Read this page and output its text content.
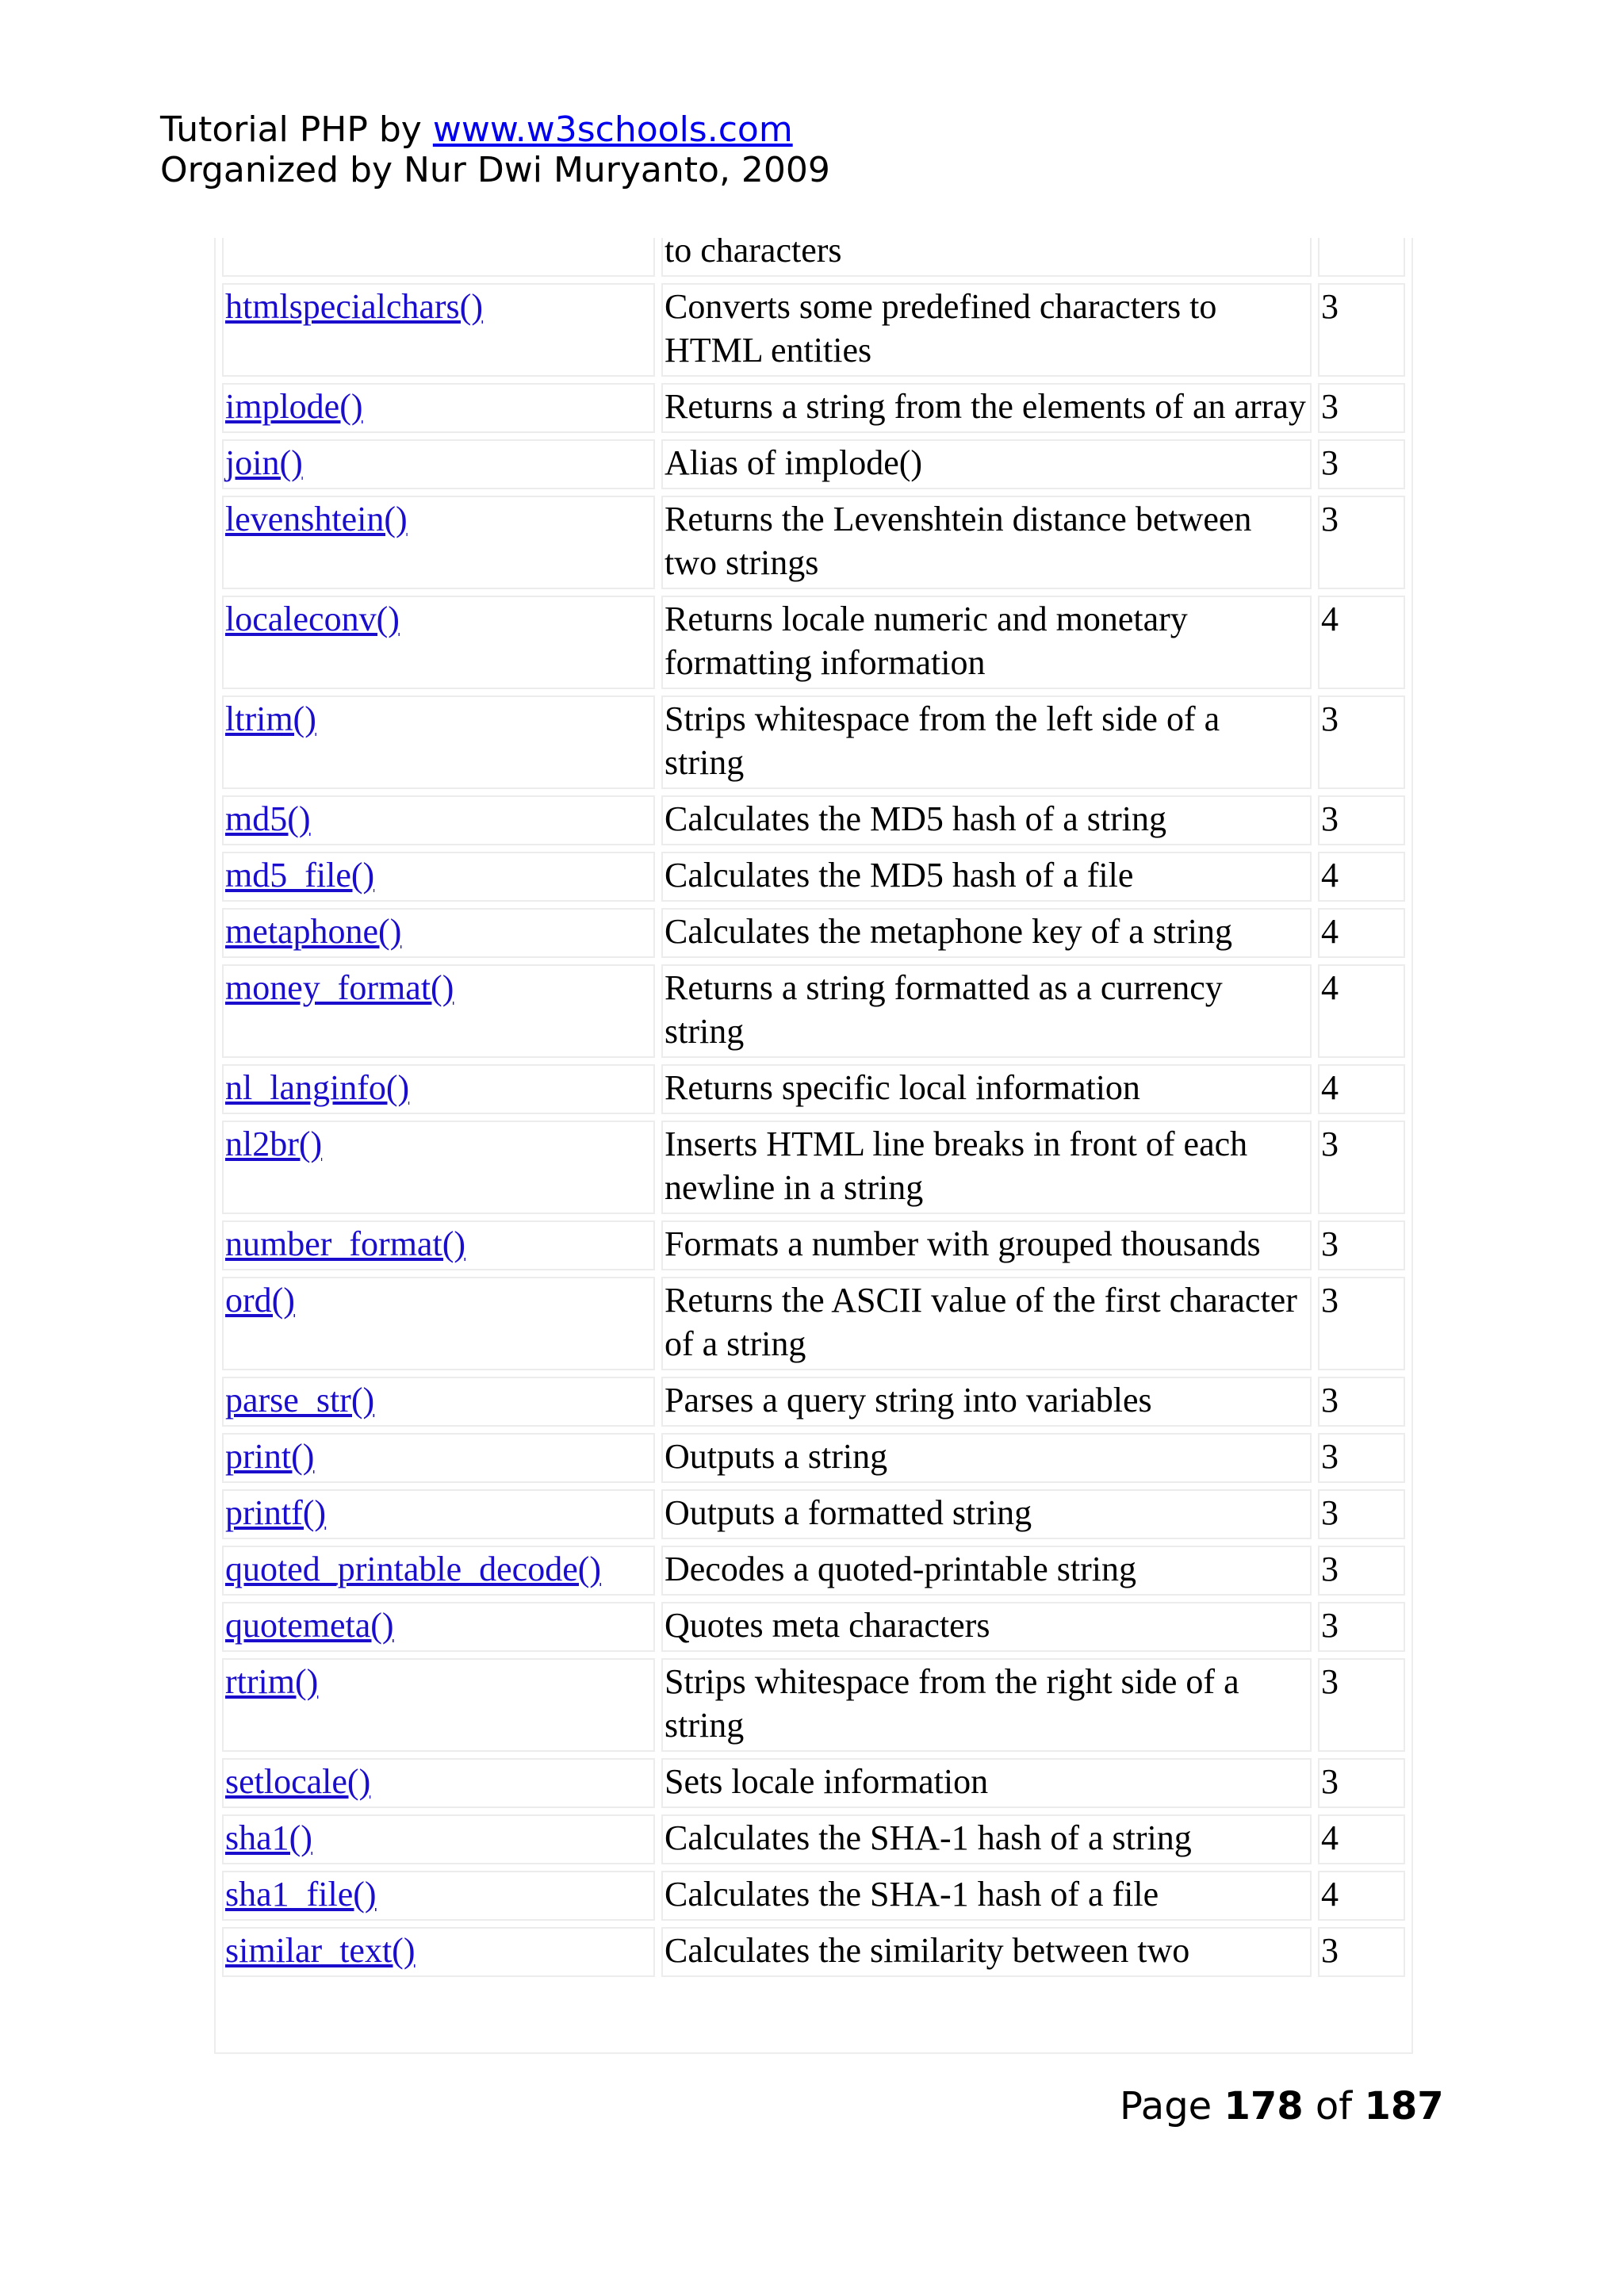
Tutorial PHP by www.w3schools.com
Organized by Nur Dwi Muryanto, 2009
	to characters	
htmlspecialchars()	Converts some predefined characters to HTML entities	3
implode()	Returns a string from the elements of an array	3
join()	Alias of implode()	3
levenshtein()	Returns the Levenshtein distance between two strings	3
localeconv()	Returns locale numeric and monetary formatting information	4
ltrim()	Strips whitespace from the left side of a string	3
md5()	Calculates the MD5 hash of a string	3
md5_file()	Calculates the MD5 hash of a file	4
metaphone()	Calculates the metaphone key of a string	4
money_format()	Returns a string formatted as a currency string	4
nl_langinfo()	Returns specific local information	4
nl2br()	Inserts HTML line breaks in front of each newline in a string	3
number_format()	Formats a number with grouped thousands	3
ord()	Returns the ASCII value of the first character of a string	3
parse_str()	Parses a query string into variables	3
print()	Outputs a string	3
printf()	Outputs a formatted string	3
quoted_printable_decode()	Decodes a quoted-printable string	3
quotemeta()	Quotes meta characters	3
rtrim()	Strips whitespace from the right side of a string	3
setlocale()	Sets locale information	3
sha1()	Calculates the SHA-1 hash of a string	4
sha1_file()	Calculates the SHA-1 hash of a file	4
similar_text()	Calculates the similarity between two	3
Page 178 of 187
